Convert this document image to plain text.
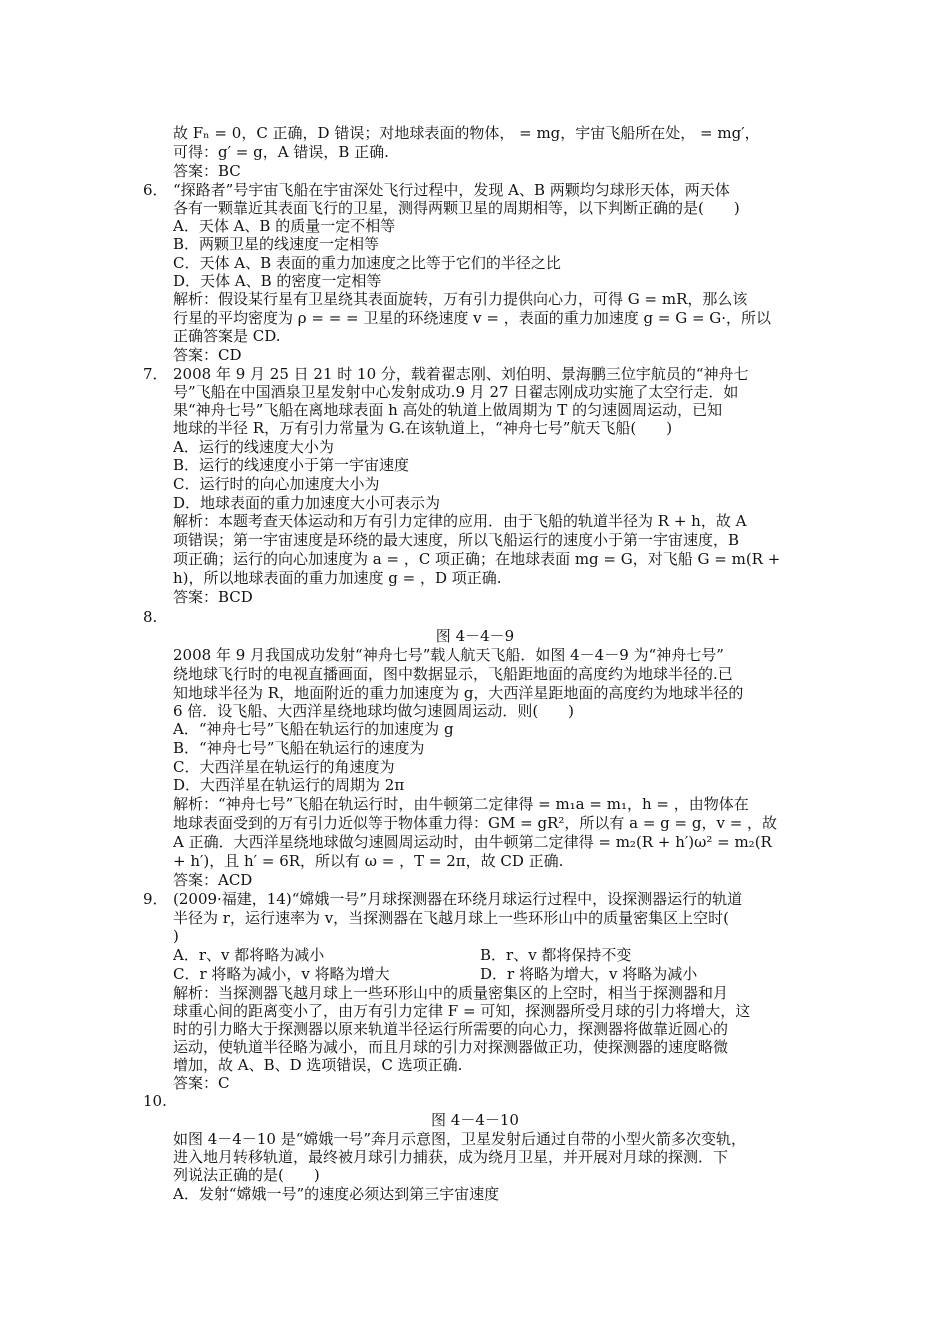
故 Fₙ = 0，C 正确，D 错误；对地球表面的物体， = mg，宇宙飞船所在处， = mg′，
可得：g′ = g，A 错误，B 正确.
答案：BC
6． “探路者”号宇宙飞船在宇宙深处飞行过程中，发现 A、B 两颗均匀球形天体，两天体
各有一颗靠近其表面飞行的卫星，测得两颗卫星的周期相等，以下判断正确的是(　　)
A．天体 A、B 的质量一定不相等
B．两颗卫星的线速度一定相等
C．天体 A、B 表面的重力加速度之比等于它们的半径之比
D．天体 A、B 的密度一定相等
解析：假设某行星有卫星绕其表面旋转，万有引力提供向心力，可得 G = mR，那么该
行星的平均密度为 ρ = = = 卫星的环绕速度 v = ，表面的重力加速度 g = G = G·，所以
正确答案是 CD.
答案：CD
7． 2008 年 9 月 25 日 21 时 10 分，载着翟志刚、刘伯明、景海鹏三位宇航员的“神舟七
号”飞船在中国酒泉卫星发射中心发射成功.9 月 27 日翟志刚成功实施了太空行走．如
果“神舟七号”飞船在离地球表面 h 高处的轨道上做周期为 T 的匀速圆周运动，已知
地球的半径 R，万有引力常量为 G.在该轨道上，“神舟七号”航天飞船(　　)
A．运行的线速度大小为
B．运行的线速度小于第一宇宙速度
C．运行时的向心加速度大小为
D．地球表面的重力加速度大小可表示为
解析：本题考查天体运动和万有引力定律的应用．由于飞船的轨道半径为 R + h，故 A
项错误；第一宇宙速度是环绕的最大速度，所以飞船运行的速度小于第一宇宙速度，B
项正确；运行的向心加速度为 a = ，C 项正确；在地球表面 mg = G，对飞船 G = m(R +
h)，所以地球表面的重力加速度 g = ，D 项正确.
答案：BCD
8.
图 4－4－9
2008 年 9 月我国成功发射“神舟七号”载人航天飞船．如图 4－4－9 为“神舟七号”
绕地球飞行时的电视直播画面，图中数据显示，飞船距地面的高度约为地球半径的.已
知地球半径为 R，地面附近的重力加速度为 g，大西洋星距地面的高度约为地球半径的
6 倍．设飞船、大西洋星绕地球均做匀速圆周运动．则(　　)
A．“神舟七号”飞船在轨运行的加速度为 g
B．“神舟七号”飞船在轨运行的速度为
C．大西洋星在轨运行的角速度为
D．大西洋星在轨运行的周期为 2π
解析：“神舟七号”飞船在轨运行时，由牛顿第二定律得 = m₁a = m₁，h = ，由物体在
地球表面受到的万有引力近似等于物体重力得：GM = gR²，所以有 a = g = g，v = ，故
A 正确．大西洋星绕地球做匀速圆周运动时，由牛顿第二定律得 = m₂(R + h′)ω² = m₂(R
+ h′)，且 h′ = 6R，所以有 ω = ，T = 2π，故 CD 正确.
答案：ACD
9． (2009·福建，14)“嫦娥一号”月球探测器在环绕月球运行过程中，设探测器运行的轨道
半径为 r，运行速率为 v，当探测器在飞越月球上一些环形山中的质量密集区上空时(
)
A．r、v 都将略为减小	B．r、v 都将保持不变
C．r 将略为减小，v 将略为增大	D．r 将略为增大，v 将略为减小
解析：当探测器飞越月球上一些环形山中的质量密集区的上空时，相当于探测器和月
球重心间的距离变小了，由万有引力定律 F = 可知，探测器所受月球的引力将增大，这
时的引力略大于探测器以原来轨道半径运行所需要的向心力，探测器将做靠近圆心的
运动，使轨道半径略为减小，而且月球的引力对探测器做正功，使探测器的速度略微
增加，故 A、B、D 选项错误，C 选项正确.
答案：C
10.
图 4－4－10
如图 4－4－10 是“嫦娥一号”奔月示意图，卫星发射后通过自带的小型火箭多次变轨，
进入地月转移轨道，最终被月球引力捕获，成为绕月卫星，并开展对月球的探测．下
列说法正确的是(　　)
A．发射“嫦娥一号”的速度必须达到第三宇宙速度
